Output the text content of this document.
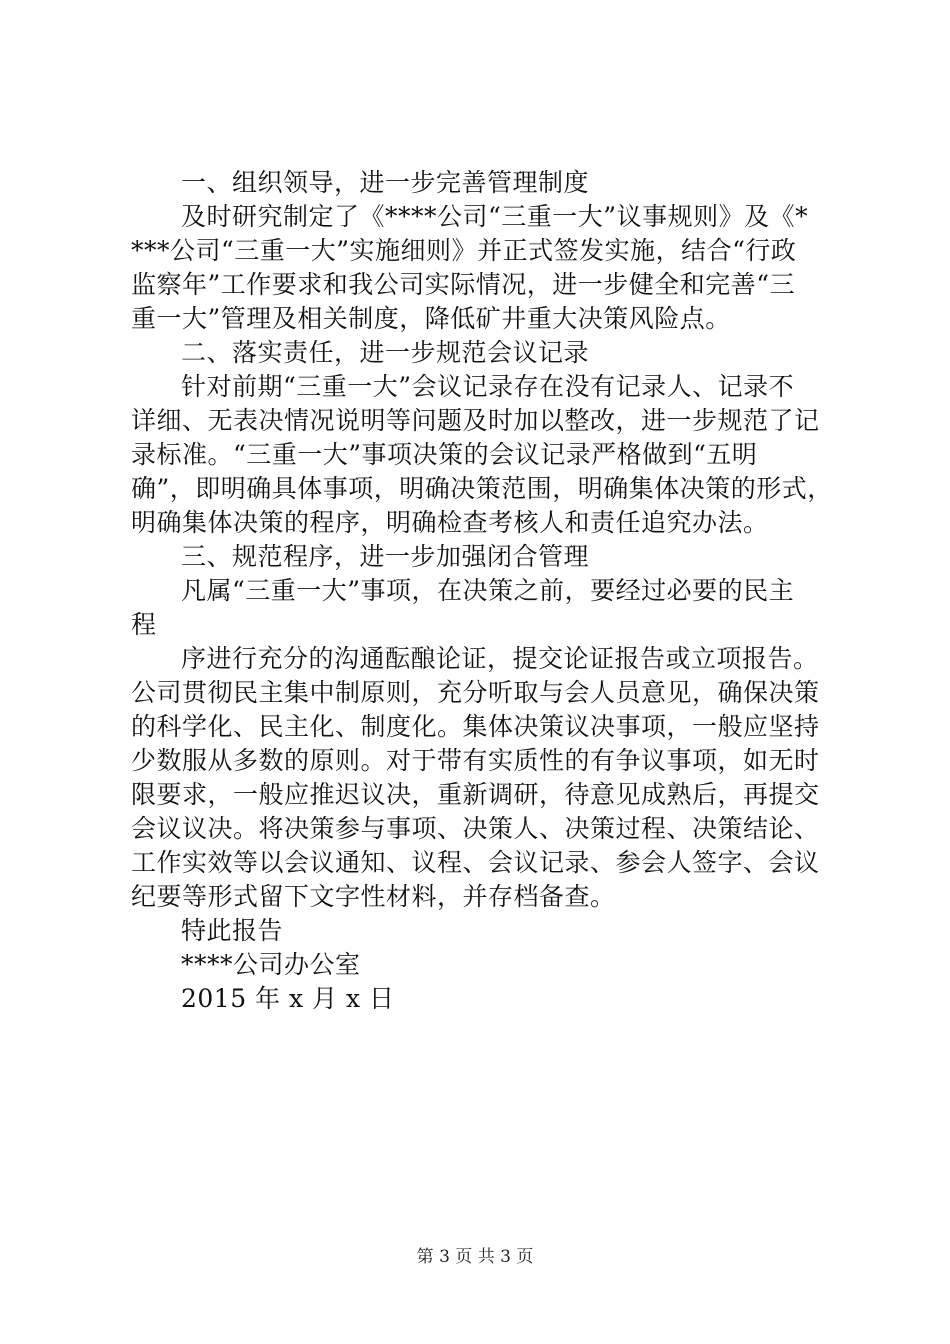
一、组织领导，进一步完善管理制度
及时研究制定了《****公司“三重一大”议事规则》及《*
***公司“三重一大”实施细则》并正式签发实施，结合“行政
监察年”工作要求和我公司实际情况，进一步健全和完善“三
重一大”管理及相关制度，降低矿井重大决策风险点。
二、落实责任，进一步规范会议记录
针对前期“三重一大”会议记录存在没有记录人、记录不
详细、无表决情况说明等问题及时加以整改，进一步规范了记
录标准。“三重一大”事项决策的会议记录严格做到“五明
确”，即明确具体事项，明确决策范围，明确集体决策的形式，
明确集体决策的程序，明确检查考核人和责任追究办法。
三、规范程序，进一步加强闭合管理
凡属“三重一大”事项，在决策之前，要经过必要的民主
程
序进行充分的沟通酝酿论证，提交论证报告或立项报告。
公司贯彻民主集中制原则，充分听取与会人员意见，确保决策
的科学化、民主化、制度化。集体决策议决事项，一般应坚持
少数服从多数的原则。对于带有实质性的有争议事项，如无时
限要求，一般应推迟议决，重新调研，待意见成熟后，再提交
会议议决。将决策参与事项、决策人、决策过程、决策结论、
工作实效等以会议通知、议程、会议记录、参会人签字、会议
纪要等形式留下文字性材料，并存档备查。
特此报告
****公司办公室
2015 年 x 月 x 日
第 3 页 共 3 页
